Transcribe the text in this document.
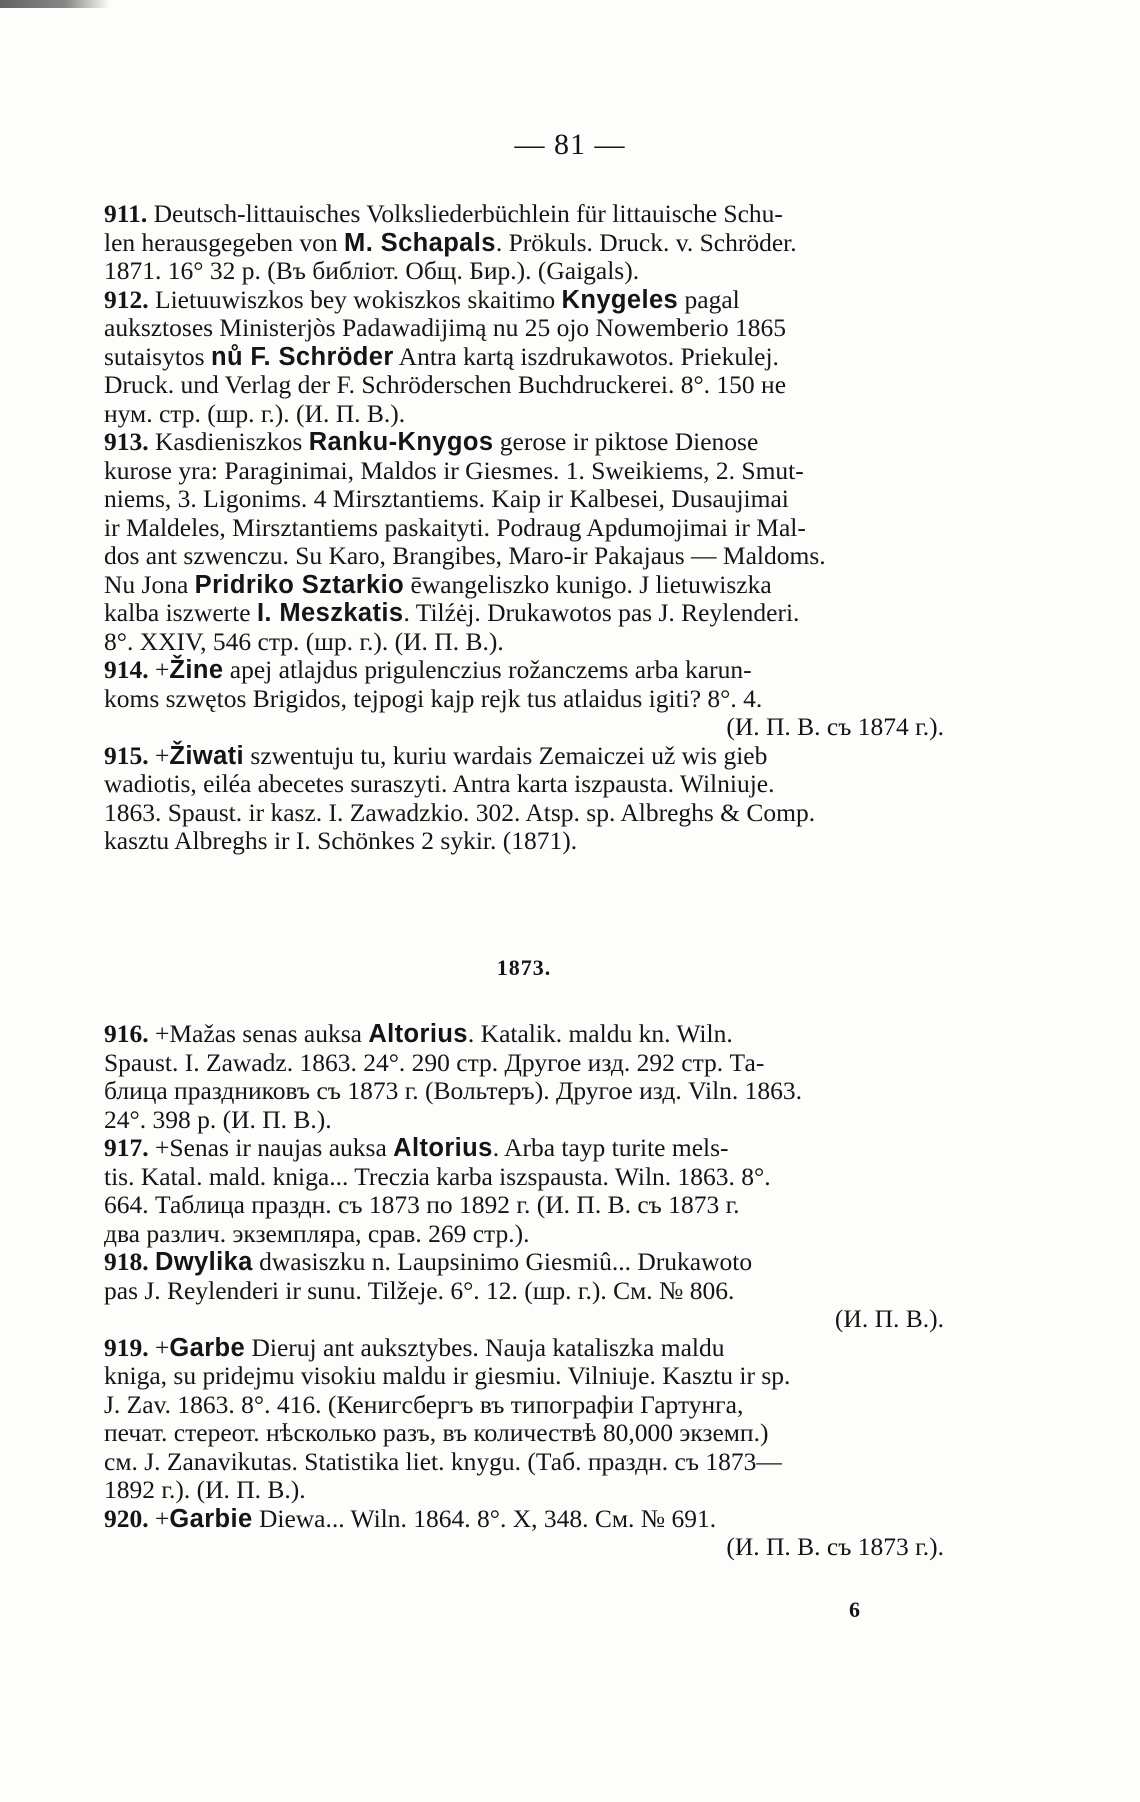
— 81 —
911. Deutsch-littauisches Volksliederbüchlein für littauische Schu-
len herausgegeben von M. Schapals. Prökuls. Druck. v. Schröder.
1871. 16° 32 p. (Въ библіот. Общ. Бир.). (Gaigals).
912. Lietuuwiszkos bey wokiszkos skaitimo Knygeles pagal
auksztoses Ministerjòs Padawadijimą nu 25 ojo Nowemberio 1865
sutaisytos nů F. Schröder Antra kartą iszdrukawotos. Priekulej.
Druck. und Verlag der F. Schröderschen Buchdruckerei. 8°. 150 не
нум. стр. (шр. г.). (И. П. В.).
913. Kasdieniszkos Ranku-Knygos gerose ir piktose Dienose
kurose yra: Paraginimai, Maldos ir Giesmes. 1. Sweikiems, 2. Smut-
niems, 3. Ligonims. 4 Mirsztantiems. Kaip ir Kalbesei, Dusaujimai
ir Maldeles, Mirsztantiems paskaityti. Podraug Apdumojimai ir Mal-
dos ant szwenczu. Su Karo, Brangibes, Maro-ir Pakajaus — Maldoms.
Nu Jona Pridriko Sztarkio ēwangeliszko kunigo. J lietuwiszka
kalba iszwerte I. Meszkatis. Tilźėj. Drukawotos pas J. Reylenderi.
8°. XXIV, 546 стр. (шр. г.). (И. П. В.).
914. +Žine apej atlajdus prigulenczius rožanczems arba karun-
koms szwętos Brigidos, tejpogi kajp rejk tus atlaidus igiti? 8°. 4.
(И. П. В. съ 1874 г.).
915. +Žiwati szwentuju tu, kuriu wardais Zemaiczei už wis gieb
wadiotis, eiléa abecetes suraszyti. Antra karta iszpausta. Wilniuje.
1863. Spaust. ir kasz. I. Zawadzkio. 302. Atsp. sp. Albreghs & Comp.
kasztu Albreghs ir I. Schönkes 2 sykir. (1871).
1873.
916. +Mažas senas auksa Altorius. Katalik. maldu kn. Wiln.
Spaust. I. Zawadz. 1863. 24°. 290 стр. Другое изд. 292 стр. Та-
блица праздниковъ съ 1873 г. (Вольтеръ). Другое изд. Viln. 1863.
24°. 398 р. (И. П. В.).
917. +Senas ir naujas auksa Altorius. Arba tayp turite mels-
tis. Katal. mald. kniga... Treczia karba iszspausta. Wiln. 1863. 8°.
664. Таблица праздн. съ 1873 по 1892 г. (И. П. В. съ 1873 г.
два различ. экземпляра, срав. 269 стр.).
918. Dwylika dwasiszku n. Laupsinimo Giesmiû... Drukawoto
pas J. Reylenderi ir sunu. Tilžeje. 6°. 12. (шр. г.). См. № 806.
(И. П. В.).
919. +Garbe Dieruj ant auksztybes. Nauja kataliszka maldu
kniga, su pridejmu visokiu maldu ir giesmiu. Vilniuje. Kasztu ir sp.
J. Zav. 1863. 8°. 416. (Кенигсбергъ въ типографіи Гартунга,
печат. стереот. нѣсколько разъ, въ количествѣ 80,000 экземп.)
см. J. Zanavikutas. Statistika liet. knygu. (Таб. праздн. съ 1873—
1892 г.). (И. П. В.).
920. +Garbie Diewa... Wiln. 1864. 8°. X, 348. См. № 691.
(И. П. В. съ 1873 г.).
6
